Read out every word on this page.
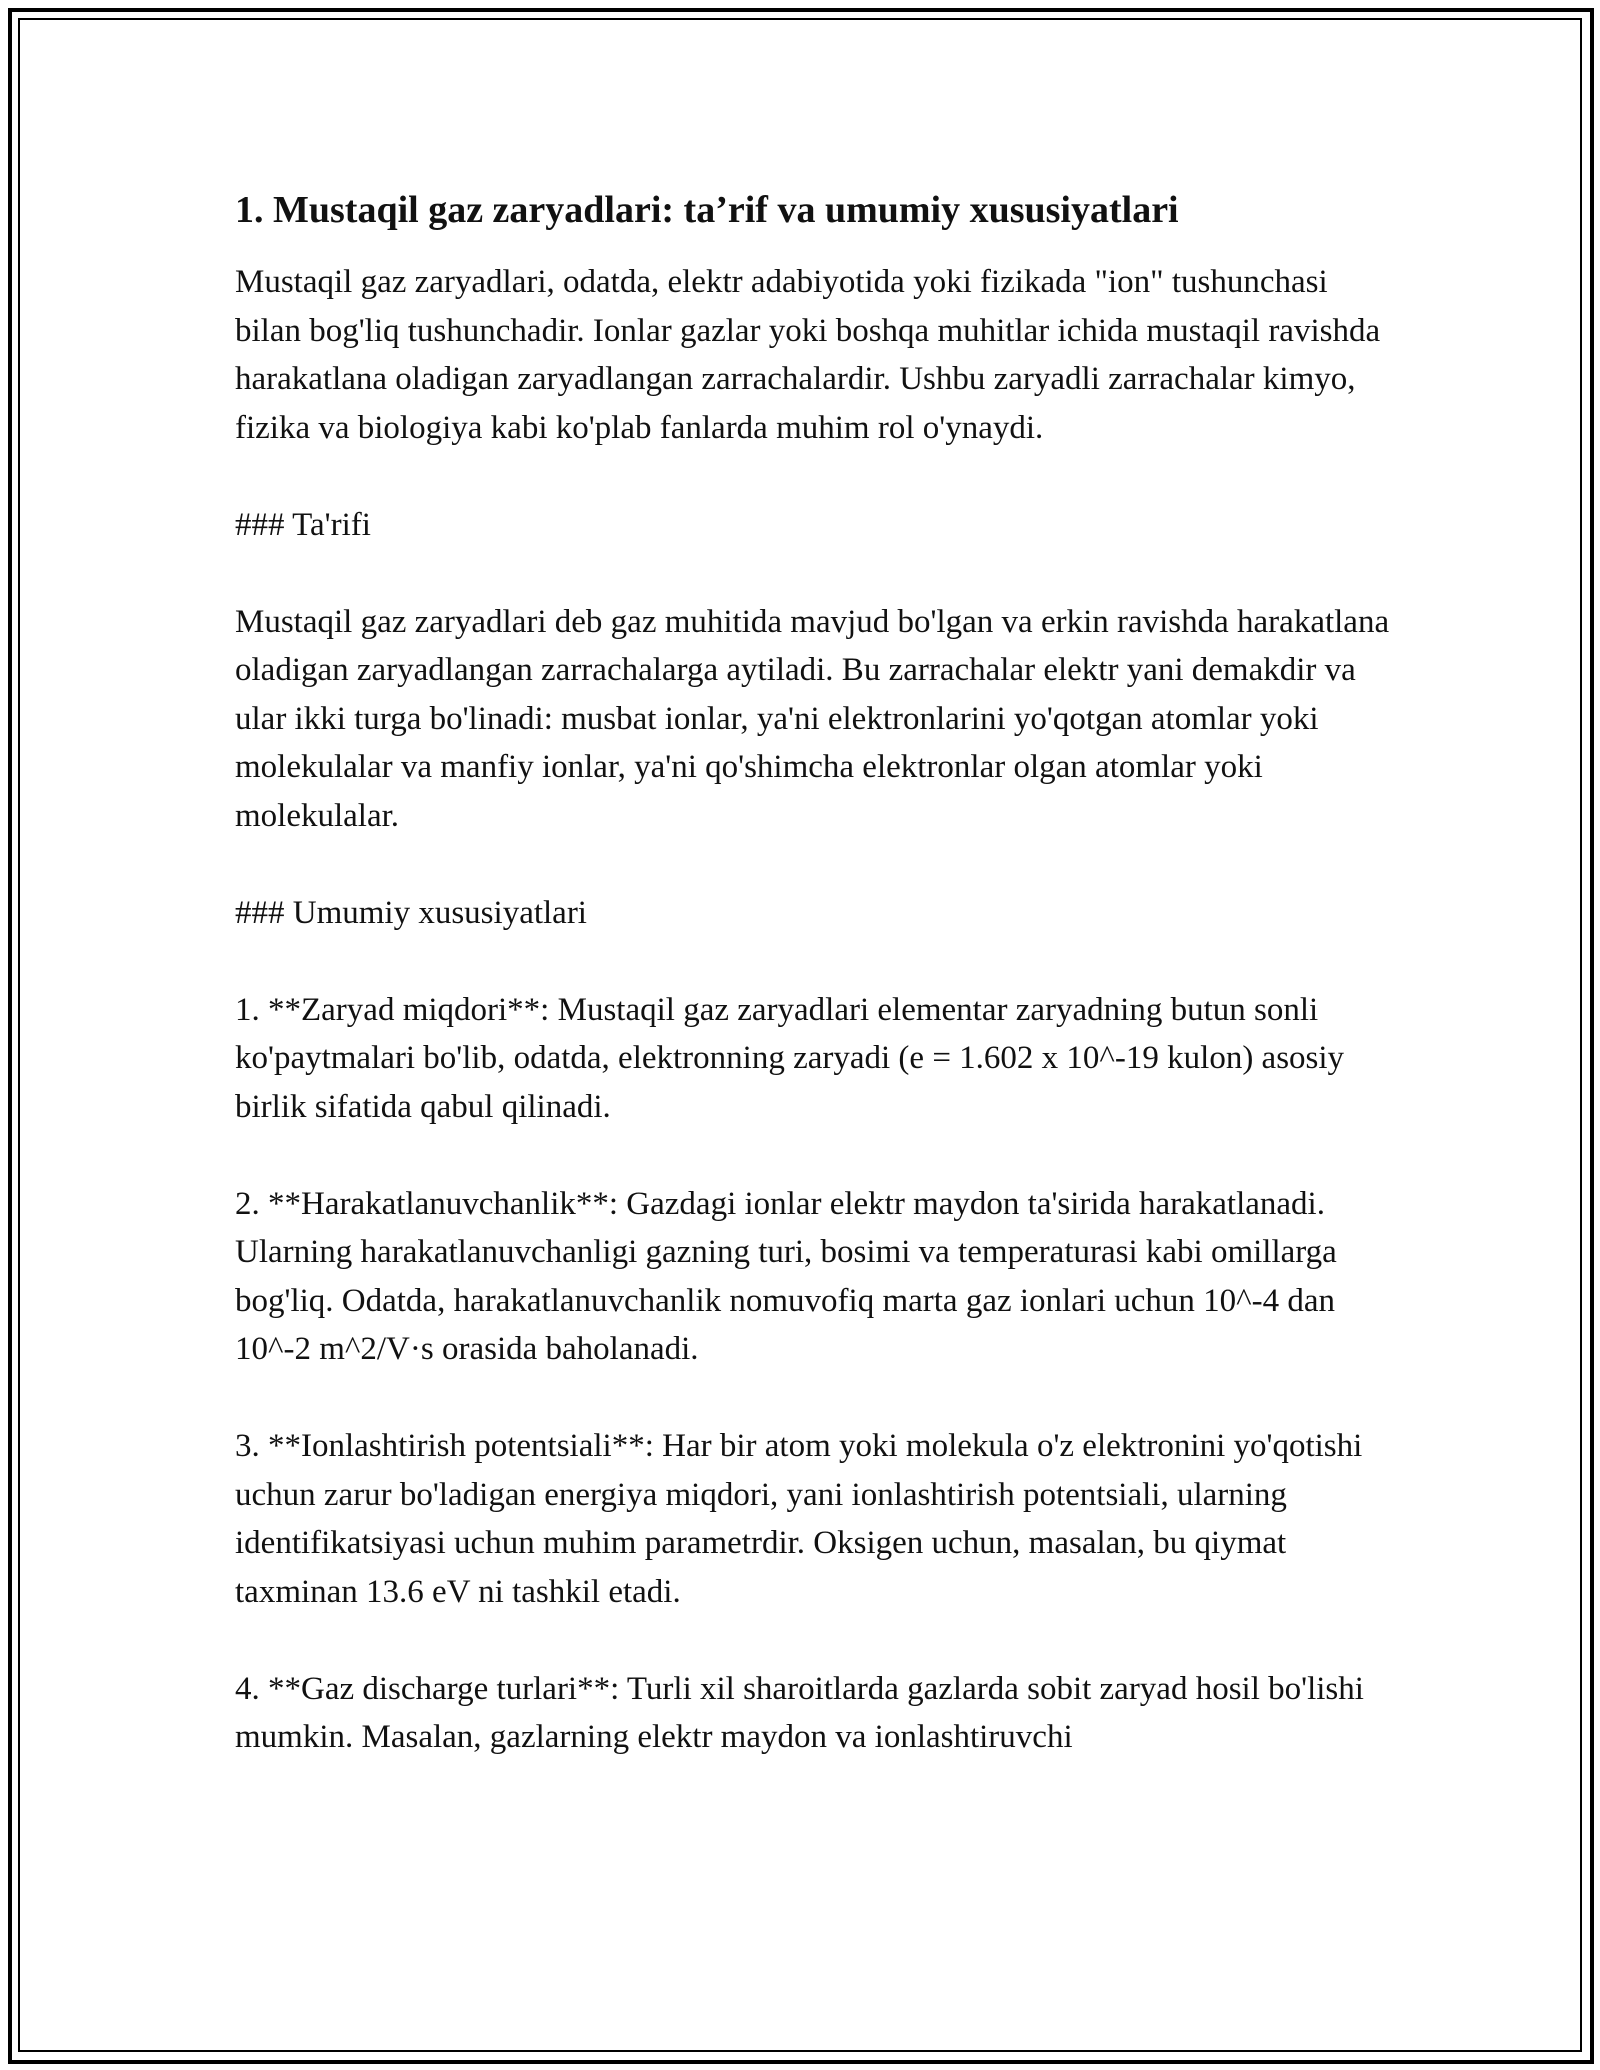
1. Mustaqil gaz zaryadlari: ta’rif va umumiy xususiyatlari
Mustaqil gaz zaryadlari, odatda, elektr adabiyotida yoki fizikada "ion" tushunchasi bilan bog'liq tushunchadir. Ionlar gazlar yoki boshqa muhitlar ichida mustaqil ravishda harakatlana oladigan zaryadlangan zarrachalardir. Ushbu zaryadli zarrachalar kimyo, fizika va biologiya kabi ko'plab fanlarda muhim rol o'ynaydi.
### Ta'rifi
Mustaqil gaz zaryadlari deb gaz muhitida mavjud bo'lgan va erkin ravishda harakatlana oladigan zaryadlangan zarrachalarga aytiladi. Bu zarrachalar elektr yani demakdir va ular ikki turga bo'linadi: musbat ionlar, ya'ni elektronlarini yo'qotgan atomlar yoki molekulalar va manfiy ionlar, ya'ni qo'shimcha elektronlar olgan atomlar yoki molekulalar.
### Umumiy xususiyatlari
1. **Zaryad miqdori**: Mustaqil gaz zaryadlari elementar zaryadning butun sonli ko'paytmalari bo'lib, odatda, elektronning zaryadi (e = 1.602 x 10^-19 kulon) asosiy birlik sifatida qabul qilinadi.
2. **Harakatlanuvchanlik**: Gazdagi ionlar elektr maydon ta'sirida harakatlanadi. Ularning harakatlanuvchanligi gazning turi, bosimi va temperaturasi kabi omillarga bog'liq. Odatda, harakatlanuvchanlik nomuvofiq marta gaz ionlari uchun 10^-4 dan 10^-2 m^2/V·s orasida baholanadi.
3. **Ionlashtirish potentsiali**: Har bir atom yoki molekula o'z elektronini yo'qotishi uchun zarur bo'ladigan energiya miqdori, yani ionlashtirish potentsiali, ularning identifikatsiyasi uchun muhim parametrdir. Oksigen uchun, masalan, bu qiymat taxminan 13.6 eV ni tashkil etadi.
4. **Gaz discharge turlari**: Turli xil sharoitlarda gazlarda sobit zaryad hosil bo'lishi mumkin. Masalan, gazlarning elektr maydon va ionlashtiruvchi
